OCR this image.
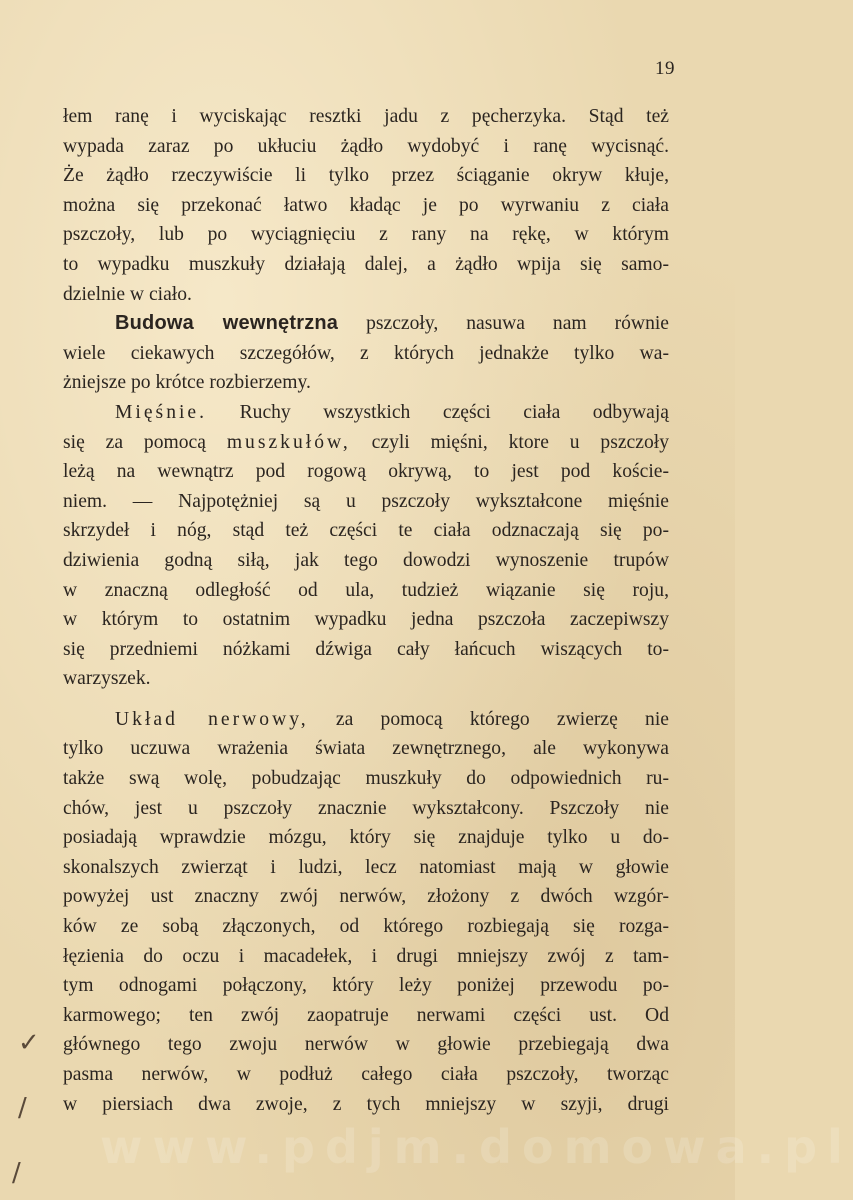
19
łem ranę i wyciskając resztki jadu z pęcherzyka. Stąd też
wypada zaraz po ukłuciu żądło wydobyć i ranę wycisnąć.
Że żądło rzeczywiście li tylko przez ściąganie okryw kłuje,
można się przekonać łatwo kładąc je po wyrwaniu z ciała
pszczoły, lub po wyciągnięciu z rany na rękę, w którym
to wypadku muszkuły działają dalej, a żądło wpija się samo-
dzielnie w ciało.
Budowa wewnętrzna pszczoły, nasuwa nam równie
wiele ciekawych szczegółów, z których jednakże tylko wa-
żniejsze po krótce rozbierzemy.
Mięśnie. Ruchy wszystkich części ciała odbywają
się za pomocą muszkułów, czyli mięśni, ktore u pszczoły
leżą na wewnątrz pod rogową okrywą, to jest pod koście-
niem. — Najpotężniej są u pszczoły wykształcone mięśnie
skrzydeł i nóg, stąd też części te ciała odznaczają się po-
dziwienia godną siłą, jak tego dowodzi wynoszenie trupów
w znaczną odległość od ula, tudzież wiązanie się roju,
w którym to ostatnim wypadku jedna pszczoła zaczepiwszy
się przedniemi nóżkami dźwiga cały łańcuch wiszących to-
warzyszek.
Układ nerwowy, za pomocą którego zwierzę nie
tylko uczuwa wrażenia świata zewnętrznego, ale wykonywa
także swą wolę, pobudzając muszkuły do odpowiednich ru-
chów, jest u pszczoły znacznie wykształcony. Pszczoły nie
posiadają wprawdzie mózgu, który się znajduje tylko u do-
skonalszych zwierząt i ludzi, lecz natomiast mają w głowie
powyżej ust znaczny zwój nerwów, złożony z dwóch wzgór-
ków ze sobą złączonych, od którego rozbiegają się rozga-
łęzienia do oczu i macadełek, i drugi mniejszy zwój z tam-
tym odnogami połączony, który leży poniżej przewodu po-
karmowego; ten zwój zaopatruje nerwami części ust. Od
głównego tego zwoju nerwów w głowie przebiegają dwa
pasma nerwów, w podłuż całego ciała pszczoły, tworząc
w piersiach dwa zwoje, z tych mniejszy w szyji, drugi
✓
/
/ www.pdjm.domowa.pl
